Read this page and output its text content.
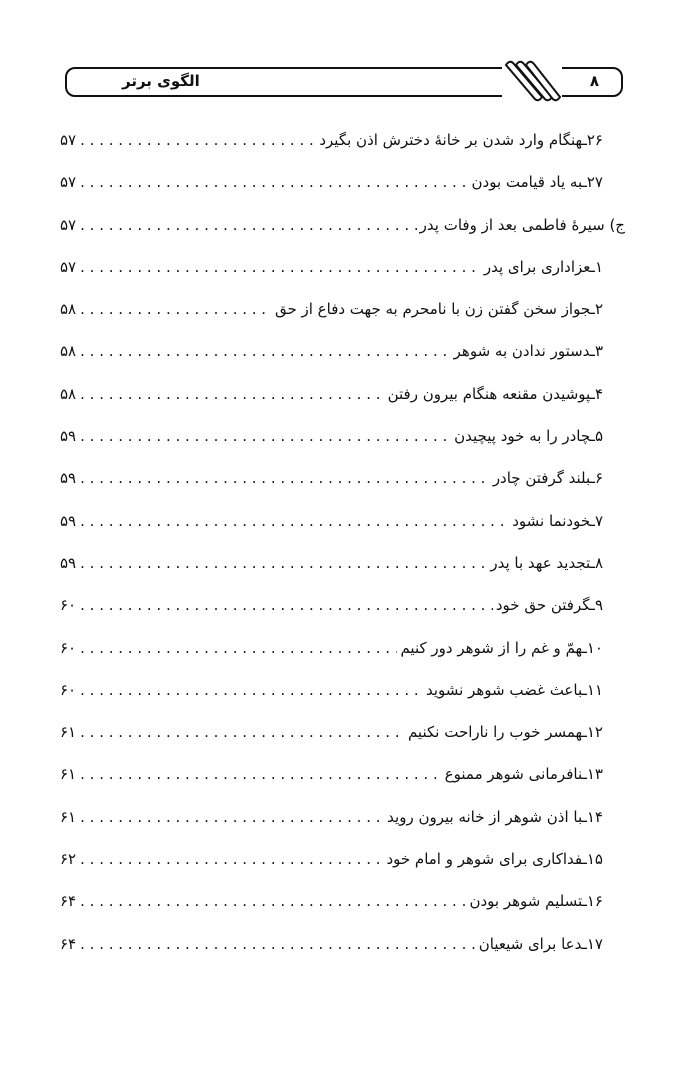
الگوی برتر	۸
۲۶ـهنگام وارد شدن بر خانهٔ دخترش اذن بگیرد
. . .
۵۷
۲۷ـبه یاد قیامت بودن
. . .
۵۷
ج) سیرهٔ فاطمی بعد از وفات پدر
. . .
۵۷
۱ـعزاداری برای پدر
. . .
۵۷
۲ـجواز سخن گفتن زن با نامحرم به جهت دفاع از حق
. . .
۵۸
۳ـدستور ندادن به شوهر
. . .
۵۸
۴ـپوشیدن مقنعه هنگام بیرون رفتن
. . .
۵۸
۵ـچادر را به خود پیچیدن
. . .
۵۹
۶ـبلند گرفتن چادر
. . .
۵۹
۷ـخودنما نشود
. . .
۵۹
۸ـتجدید عهد با پدر
. . .
۵۹
۹ـگرفتن حق خود
. . .
۶۰
۱۰ـهمّ و غم را از شوهر دور کنیم
. . .
۶۰
۱۱ـباعث غضب شوهر نشوید
. . .
۶۰
۱۲ـهمسر خوب را ناراحت نکنیم
. . .
۶۱
۱۳ـنافرمانی شوهر ممنوع
. . .
۶۱
۱۴ـبا اذن شوهر از خانه بیرون روید
. . .
۶۱
۱۵ـفداکاری برای شوهر و امام خود
. . .
۶۲
۱۶ـتسلیم شوهر بودن
. . .
۶۴
۱۷ـدعا برای شیعیان
. . .
۶۴
